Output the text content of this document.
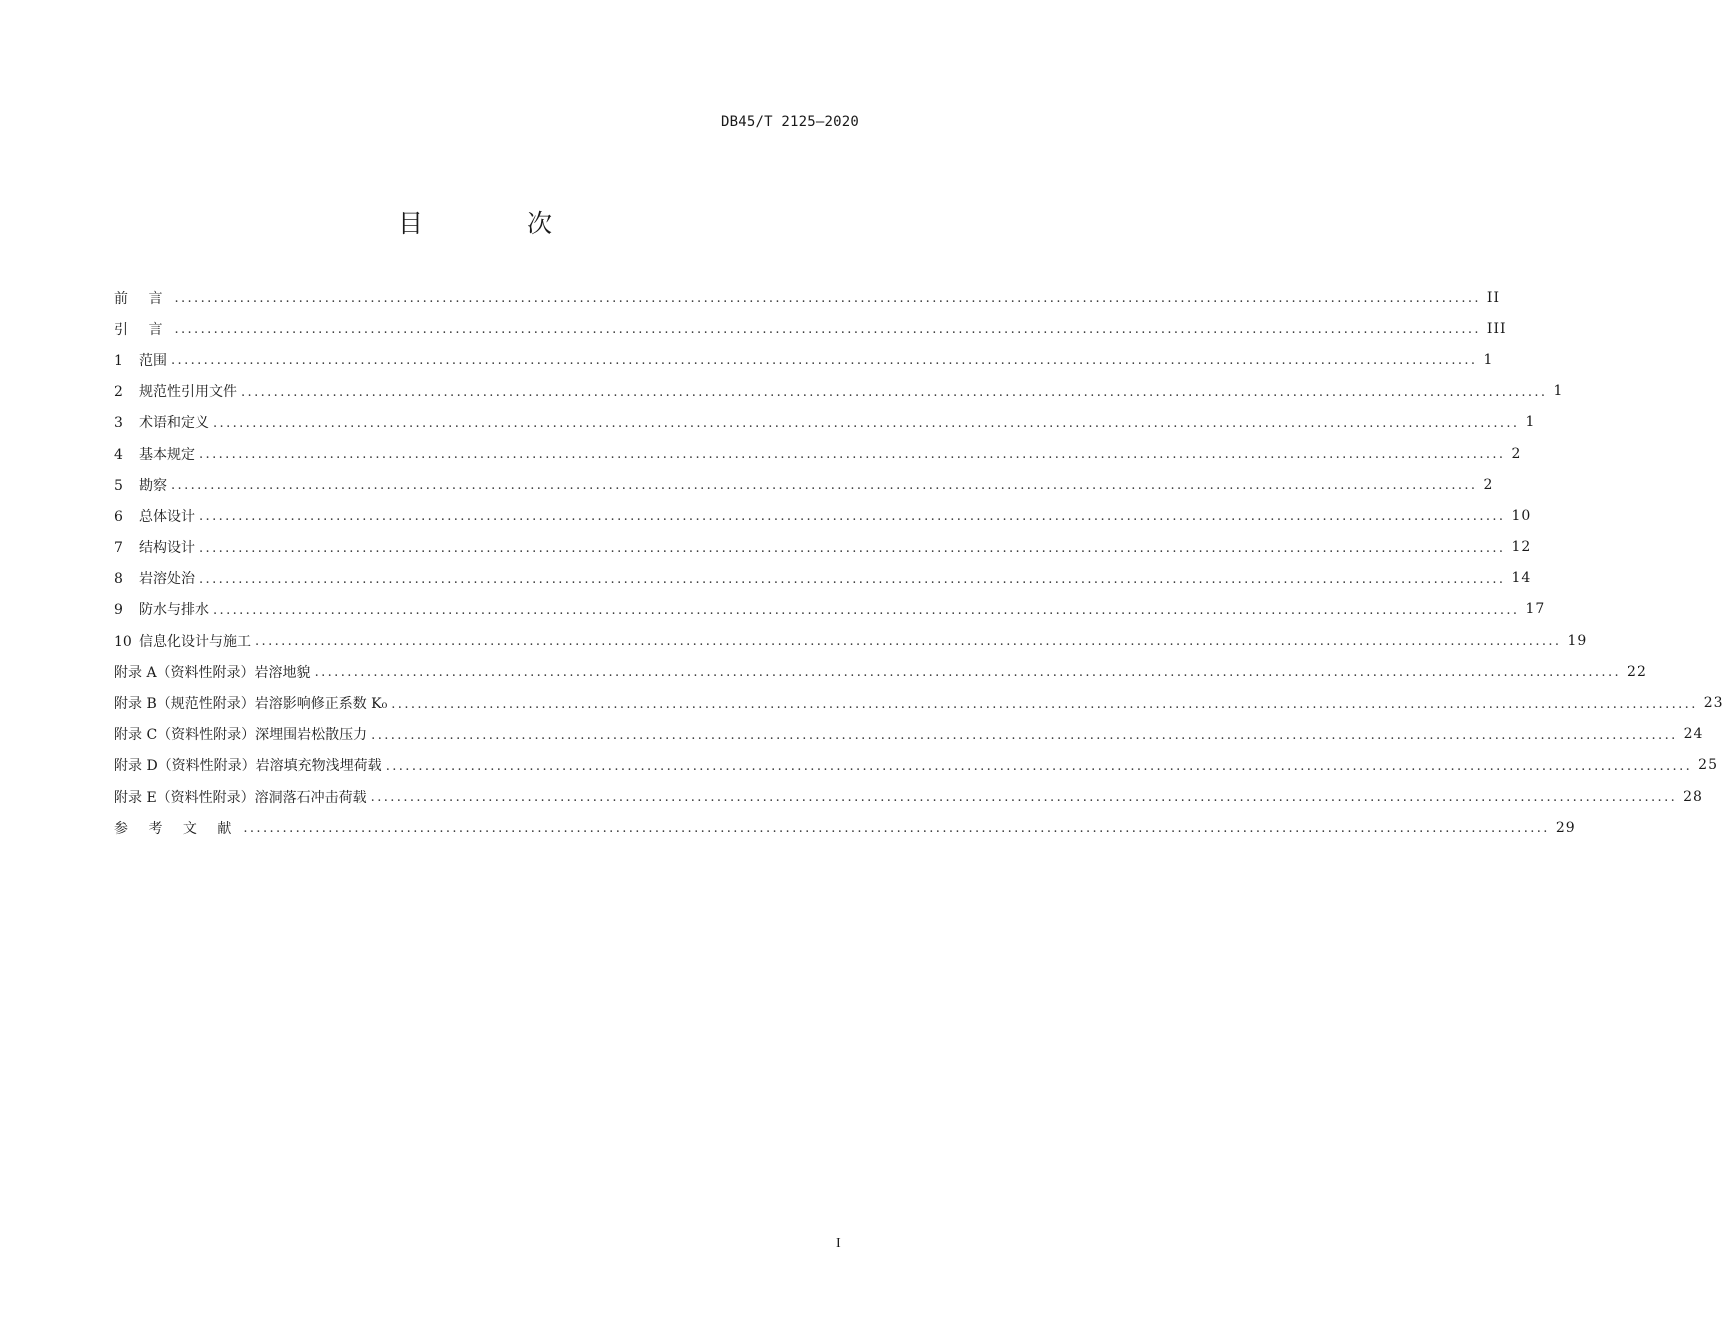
DB45/T 2125—2020
目 次
前 言 ........................................................................................................................................................................................................ II
引 言 ........................................................................................................................................................................................................ III
1 范围 ........................................................................................................................................................................................................ 1
2 规范性引用文件 ........................................................................................................................................................................................................ 1
3 术语和定义 ........................................................................................................................................................................................................ 1
4 基本规定 ........................................................................................................................................................................................................ 2
5 勘察 ........................................................................................................................................................................................................ 2
6 总体设计 ........................................................................................................................................................................................................ 10
7 结构设计 ........................................................................................................................................................................................................ 12
8 岩溶处治 ........................................................................................................................................................................................................ 14
9 防水与排水 ........................................................................................................................................................................................................ 17
10 信息化设计与施工 ........................................................................................................................................................................................................ 19
附录 A（资料性附录）岩溶地貌 ........................................................................................................................................................................................................ 22
附录 B（规范性附录）岩溶影响修正系数 K₀ ........................................................................................................................................................................................................ 23
附录 C（资料性附录）深埋围岩松散压力 ........................................................................................................................................................................................................ 24
附录 D（资料性附录）岩溶填充物浅埋荷载 ........................................................................................................................................................................................................ 25
附录 E（资料性附录）溶洞落石冲击荷载 ........................................................................................................................................................................................................ 28
参 考 文 献 ........................................................................................................................................................................................................ 29
I
